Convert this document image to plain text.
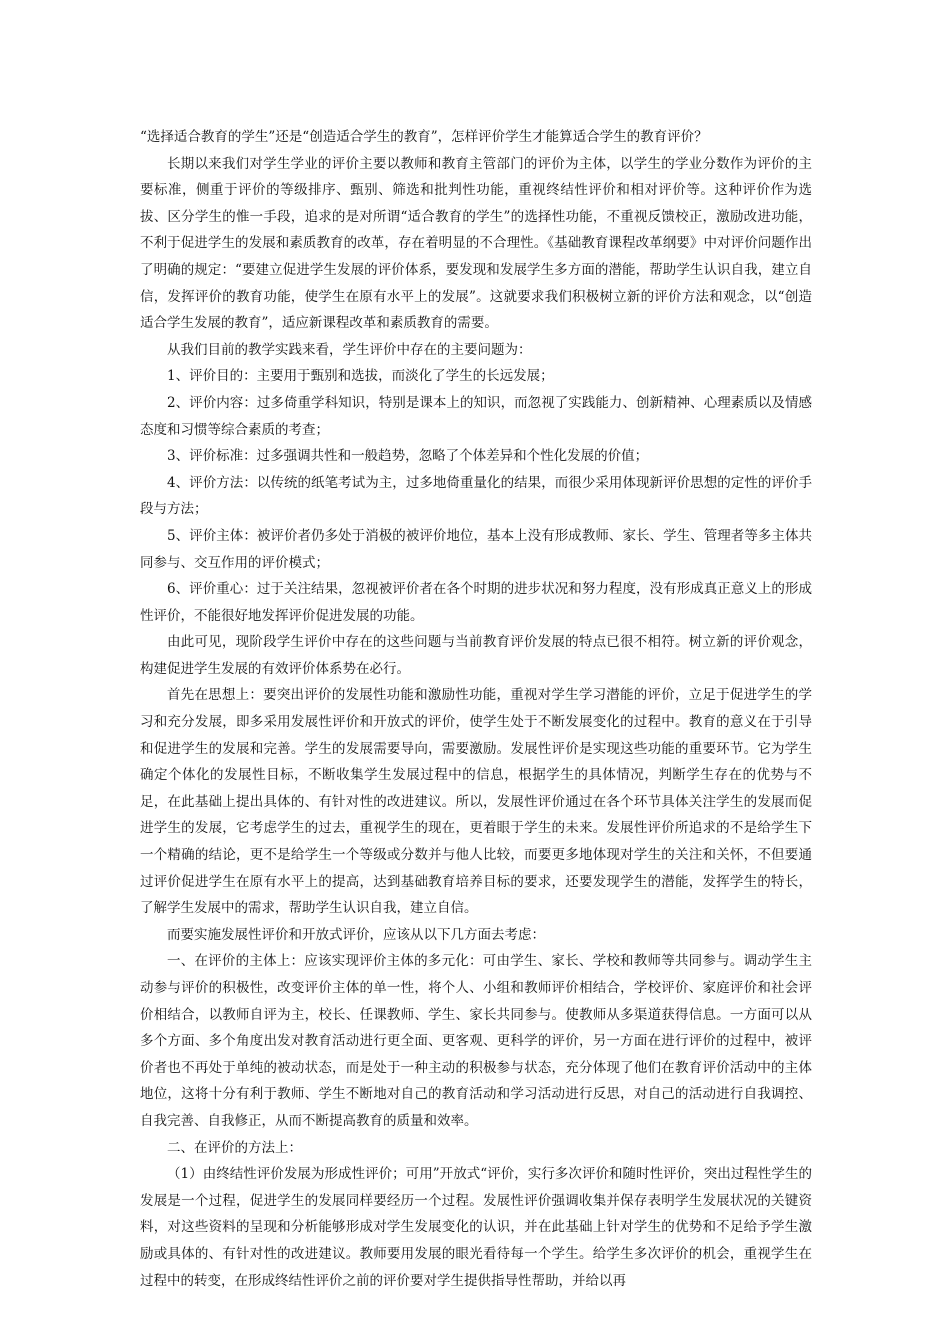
“选择适合教育的学生”还是“创造适合学生的教育”，怎样评价学生才能算适合学生的教育评价？

长期以来我们对学生学业的评价主要以教师和教育主管部门的评价为主体，以学生的学业分数作为评价的主要标准，侧重于评价的等级排序、甄别、筛选和批判性功能，重视终结性评价和相对评价等。这种评价作为选拔、区分学生的惟一手段，追求的是对所谓“适合教育的学生”的选择性功能，不重视反馈校正，激励改进功能，不利于促进学生的发展和素质教育的改革，存在着明显的不合理性。《基础教育课程改革纲要》中对评价问题作出了明确的规定：“要建立促进学生发展的评价体系，要发现和发展学生多方面的潜能，帮助学生认识自我，建立自信，发挥评价的教育功能，使学生在原有水平上的发展”。这就要求我们积极树立新的评价方法和观念，以“创造适合学生发展的教育”，适应新课程改革和素质教育的需要。

从我们目前的教学实践来看，学生评价中存在的主要问题为：

1、评价目的：主要用于甄别和选拔，而淡化了学生的长远发展；

2、评价内容：过多倚重学科知识，特别是课本上的知识，而忽视了实践能力、创新精神、心理素质以及情感态度和习惯等综合素质的考查；

3、评价标准：过多强调共性和一般趋势，忽略了个体差异和个性化发展的价值；

4、评价方法：以传统的纸笔考试为主，过多地倚重量化的结果，而很少采用体现新评价思想的定性的评价手段与方法；

5、评价主体：被评价者仍多处于消极的被评价地位，基本上没有形成教师、家长、学生、管理者等多主体共同参与、交互作用的评价模式；

6、评价重心：过于关注结果，忽视被评价者在各个时期的进步状况和努力程度，没有形成真正意义上的形成性评价，不能很好地发挥评价促进发展的功能。

由此可见，现阶段学生评价中存在的这些问题与当前教育评价发展的特点已很不相符。树立新的评价观念，构建促进学生发展的有效评价体系势在必行。

首先在思想上：要突出评价的发展性功能和激励性功能，重视对学生学习潜能的评价，立足于促进学生的学习和充分发展，即多采用发展性评价和开放式的评价，使学生处于不断发展变化的过程中。教育的意义在于引导和促进学生的发展和完善。学生的发展需要导向，需要激励。发展性评价是实现这些功能的重要环节。它为学生确定个体化的发展性目标，不断收集学生发展过程中的信息，根据学生的具体情况，判断学生存在的优势与不足，在此基础上提出具体的、有针对性的改进建议。所以，发展性评价通过在各个环节具体关注学生的发展而促进学生的发展，它考虑学生的过去，重视学生的现在，更着眼于学生的未来。发展性评价所追求的不是给学生下一个精确的结论，更不是给学生一个等级或分数并与他人比较，而要更多地体现对学生的关注和关怀，不但要通过评价促进学生在原有水平上的提高，达到基础教育培养目标的要求，还要发现学生的潜能，发挥学生的特长，了解学生发展中的需求，帮助学生认识自我，建立自信。

而要实施发展性评价和开放式评价，应该从以下几方面去考虑：

一、在评价的主体上：应该实现评价主体的多元化：可由学生、家长、学校和教师等共同参与。调动学生主动参与评价的积极性，改变评价主体的单一性，将个人、小组和教师评价相结合，学校评价、家庭评价和社会评价相结合，以教师自评为主，校长、任课教师、学生、家长共同参与。使教师从多渠道获得信息。一方面可以从多个方面、多个角度出发对教育活动进行更全面、更客观、更科学的评价，另一方面在进行评价的过程中，被评价者也不再处于单纯的被动状态，而是处于一种主动的积极参与状态，充分体现了他们在教育评价活动中的主体地位，这将十分有利于教师、学生不断地对自己的教育活动和学习活动进行反思，对自己的活动进行自我调控、自我完善、自我修正，从而不断提高教育的质量和效率。

二、在评价的方法上：

（1）由终结性评价发展为形成性评价；可用”开放式“评价，实行多次评价和随时性评价，突出过程性学生的发展是一个过程，促进学生的发展同样要经历一个过程。发展性评价强调收集并保存表明学生发展状况的关键资料，对这些资料的呈现和分析能够形成对学生发展变化的认识，并在此基础上针对学生的优势和不足给予学生激励或具体的、有针对性的改进建议。教师要用发展的眼光看待每一个学生。给学生多次评价的机会，重视学生在过程中的转变，在形成终结性评价之前的评价要对学生提供指导性帮助，并给以再
